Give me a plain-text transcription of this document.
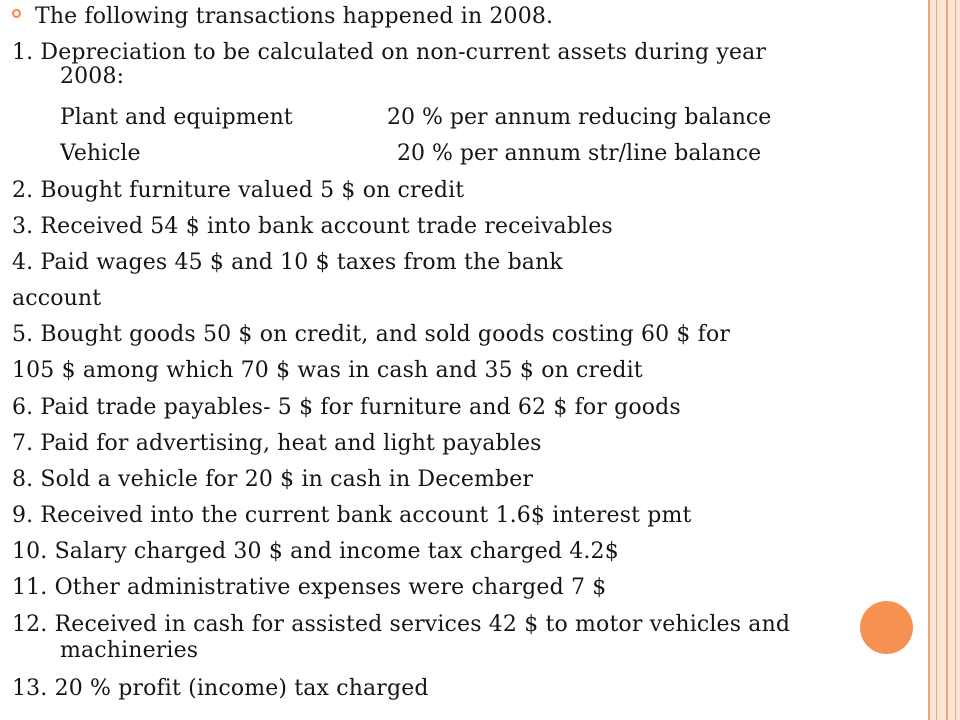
The following transactions happened in 2008.
1. Depreciation to be calculated on non-current assets during year
2008:
Plant and equipment	20 % per annum reducing balance
Vehicle	20 % per annum str/line balance
2. Bought furniture valued 5 $ on credit
3. Received 54 $ into bank account trade receivables
4. Paid wages 45 $ and 10 $ taxes from the bank
account
5. Bought goods 50 $ on credit, and sold goods costing 60 $ for
105 $ among which 70 $ was in cash and 35 $ on credit
6. Paid trade payables- 5 $ for furniture and 62 $ for goods
7. Paid for advertising, heat and light payables
8. Sold a vehicle for 20 $ in cash in December
9. Received into the current bank account 1.6$ interest pmt
10. Salary charged 30 $ and income tax charged 4.2$
11. Other administrative expenses were charged 7 $
12. Received in cash for assisted services 42 $ to motor vehicles and
machineries
13. 20 % profit (income) tax charged
